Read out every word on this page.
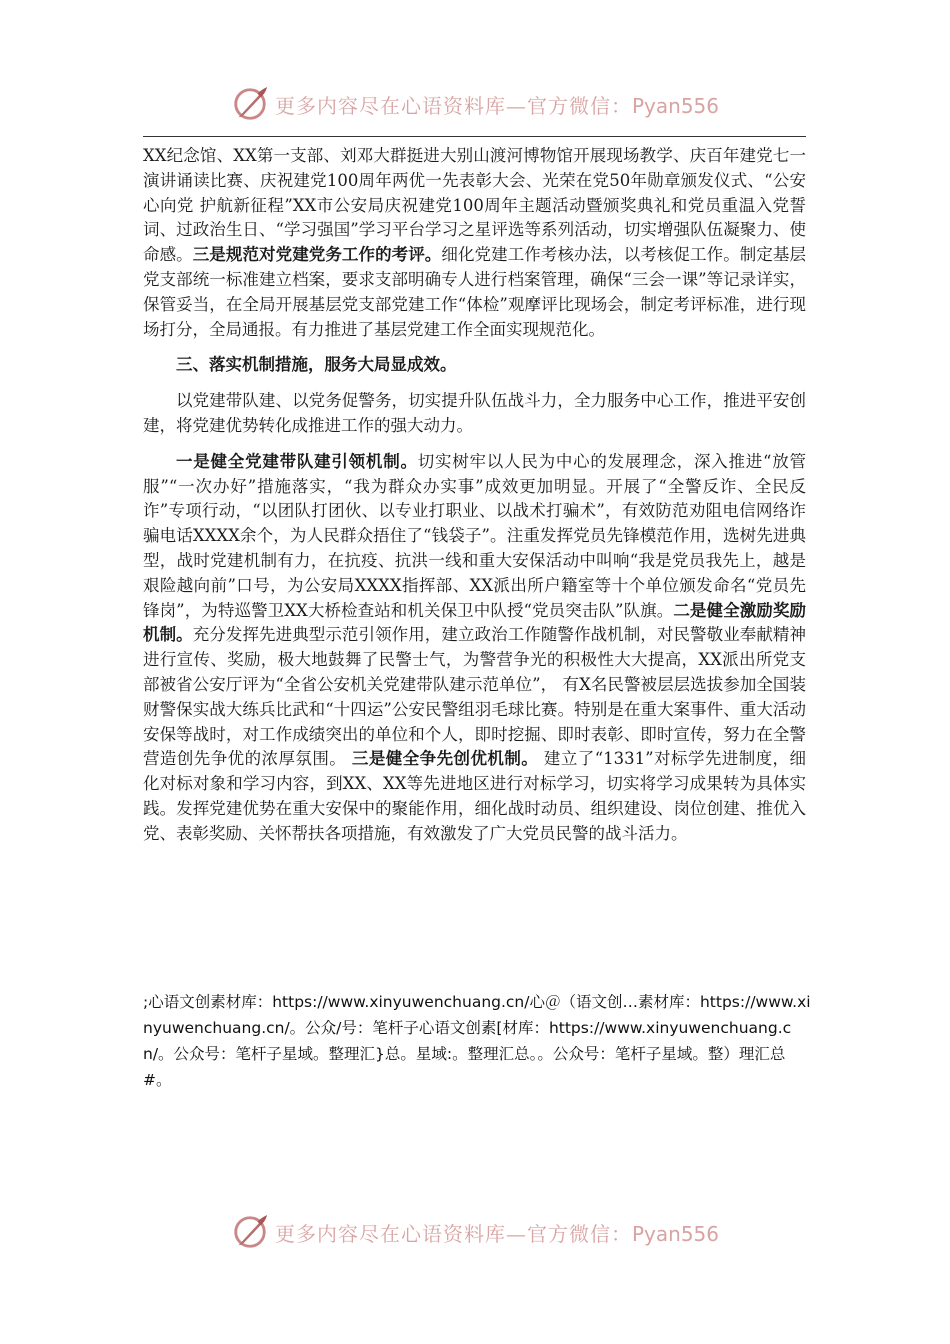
更多内容尽在心语资料库—官方微信：Pyan556

XX纪念馆、XX第一支部、刘邓大群挺进大别山渡河博物馆开展现场教学、庆百年建党七一演讲诵读比赛、庆祝建党100周年两优一先表彰大会、光荣在党50年勋章颁发仪式、“公安心向党 护航新征程”XX市公安局庆祝建党100周年主题活动暨颁奖典礼和党员重温入党誓词、过政治生日、“学习强国”学习平台学习之星评选等系列活动，切实增强队伍凝聚力、使命感。三是规范对党建党务工作的考评。细化党建工作考核办法，以考核促工作。制定基层党支部统一标准建立档案，要求支部明确专人进行档案管理，确保“三会一课”等记录详实，保管妥当，在全局开展基层党支部党建工作“体检”观摩评比现场会，制定考评标准，进行现场打分，全局通报。有力推进了基层党建工作全面实现规范化。

三、落实机制措施，服务大局显成效。

以党建带队建、以党务促警务，切实提升队伍战斗力，全力服务中心工作，推进平安创建，将党建优势转化成推进工作的强大动力。

一是健全党建带队建引领机制。切实树牢以人民为中心的发展理念，深入推进“放管服”“一次办好”措施落实，“我为群众办实事”成效更加明显。开展了“全警反诈、全民反诈”专项行动，“以团队打团伙、以专业打职业、以战术打骗术”，有效防范劝阻电信网络诈骗电话XXXX余个，为人民群众捂住了“钱袋子”。注重发挥党员先锋模范作用，选树先进典型，战时党建机制有力，在抗疫、抗洪一线和重大安保活动中叫响“我是党员我先上，越是艰险越向前”口号，为公安局XXXX指挥部、XX派出所户籍室等十个单位颁发命名“党员先锋岗”，为特巡警卫XX大桥检查站和机关保卫中队授“党员突击队”队旗。二是健全激励奖励机制。充分发挥先进典型示范引领作用，建立政治工作随警作战机制，对民警敬业奉献精神进行宣传、奖励，极大地鼓舞了民警士气，为警营争光的积极性大大提高，XX派出所党支部被省公安厅评为“全省公安机关党建带队建示范单位”， 有X名民警被层层选拔参加全国装财警保实战大练兵比武和“十四运”公安民警组羽毛球比赛。特别是在重大案事件、重大活动安保等战时，对工作成绩突出的单位和个人，即时挖掘、即时表彰、即时宣传，努力在全警营造创先争优的浓厚氛围。 三是健全争先创优机制。 建立了“1331”对标学先进制度，细化对标对象和学习内容，到XX、XX等先进地区进行对标学习，切实将学习成果转为具体实践。发挥党建优势在重大安保中的聚能作用，细化战时动员、组织建设、岗位创建、推优入党、表彰奖励、关怀帮扶各项措施，有效激发了广大党员民警的战斗活力。

;心语文创素材库：https://www.xinyuwenchuang.cn/心＠（语文创…素材库：https://www.xinyuwenchuang.cn/。公众/号：笔杆子心语文创素[材库：https://www.xinyuwenchuang.cn/。公众号：笔杆子星域。整理汇}总。星域:。整理汇总。。公众号：笔杆子星域。整）理汇总#。
更多内容尽在心语资料库—官方微信：Pyan556
